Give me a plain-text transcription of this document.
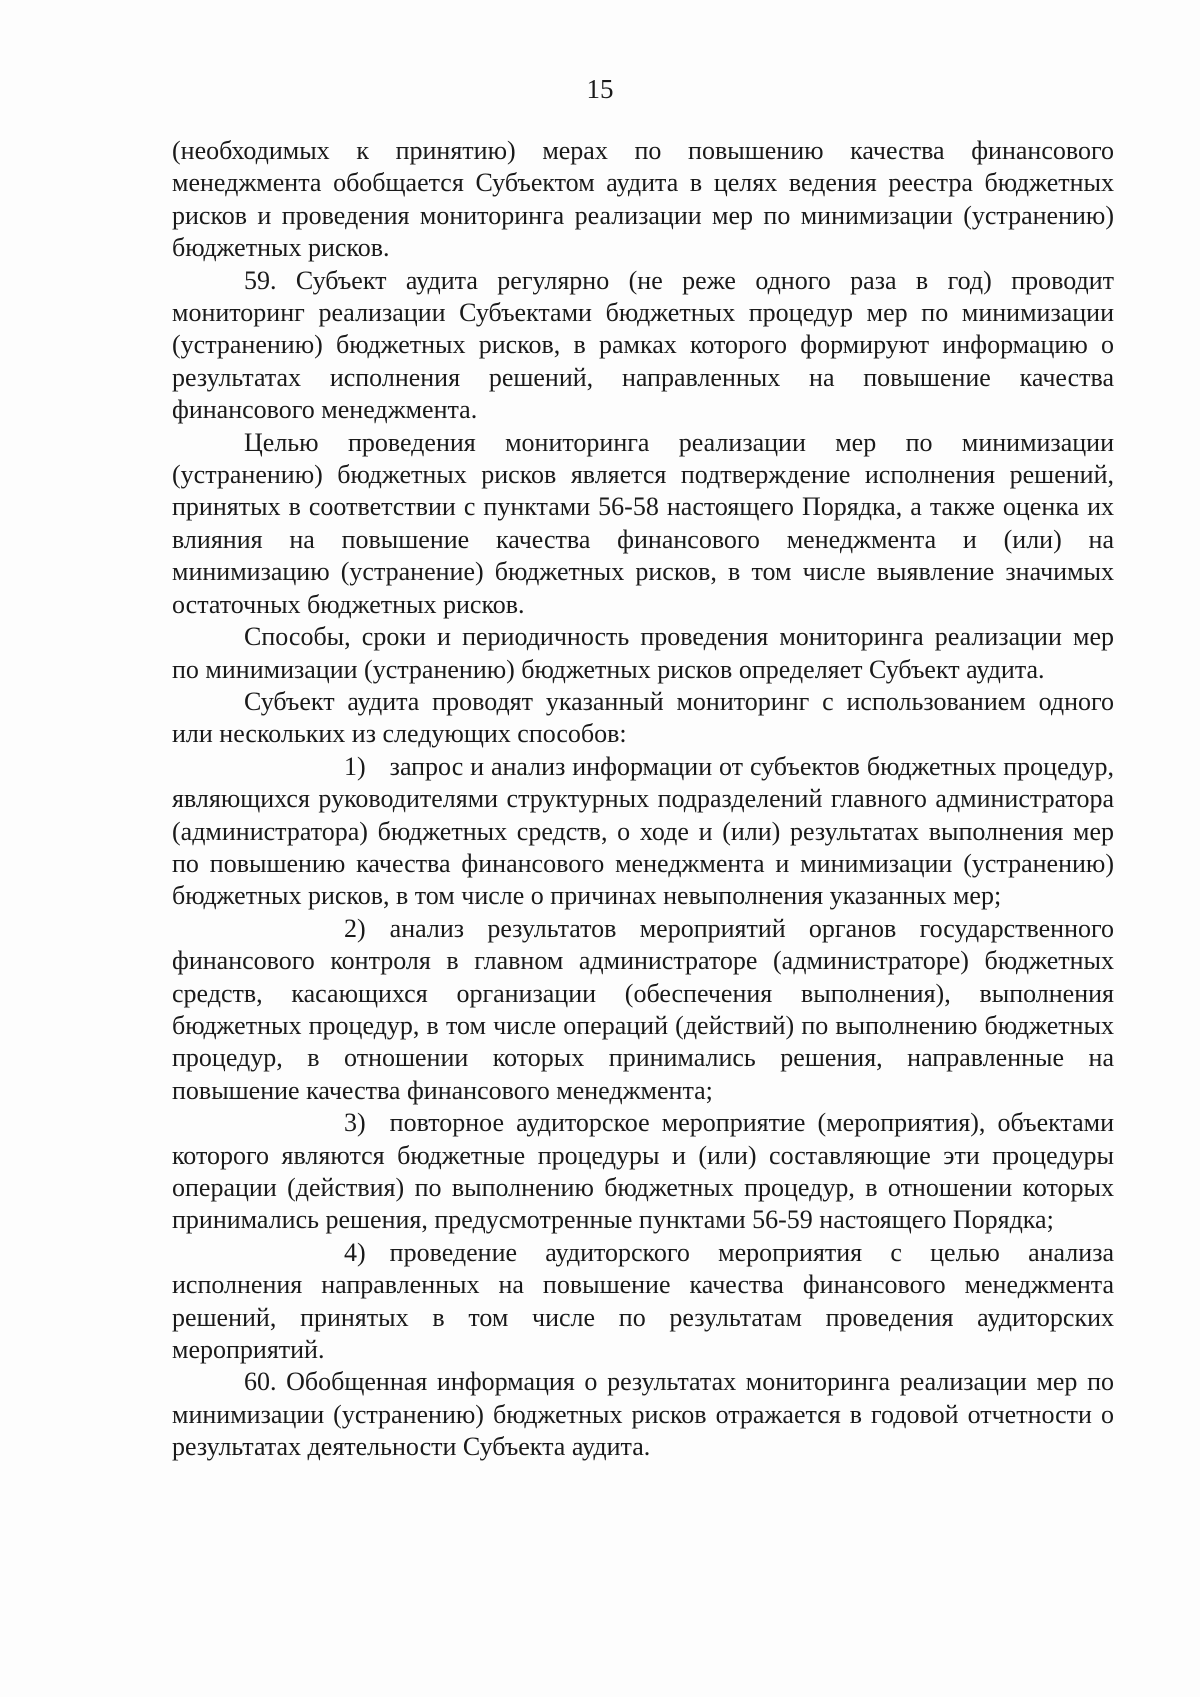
15

(необходимых к принятию) мерах по повышению качества финансового менеджмента обобщается Субъектом аудита в целях ведения реестра бюджетных рисков и проведения мониторинга реализации мер по минимизации (устранению) бюджетных рисков.

59. Субъект аудита регулярно (не реже одного раза в год) проводит мониторинг реализации Субъектами бюджетных процедур мер по минимизации (устранению) бюджетных рисков, в рамках которого формируют информацию о результатах исполнения решений, направленных на повышение качества финансового менеджмента.

Целью проведения мониторинга реализации мер по минимизации (устранению) бюджетных рисков является подтверждение исполнения решений, принятых в соответствии с пунктами 56-58 настоящего Порядка, а также оценка их влияния на повышение качества финансового менеджмента и (или) на минимизацию (устранение) бюджетных рисков, в том числе выявление значимых остаточных бюджетных рисков.

Способы, сроки и периодичность проведения мониторинга реализации мер по минимизации (устранению) бюджетных рисков определяет Субъект аудита.

Субъект аудита проводят указанный мониторинг с использованием одного или нескольких из следующих способов:

1) запрос и анализ информации от субъектов бюджетных процедур, являющихся руководителями структурных подразделений главного администратора (администратора) бюджетных средств, о ходе и (или) результатах выполнения мер по повышению качества финансового менеджмента и минимизации (устранению) бюджетных рисков, в том числе о причинах невыполнения указанных мер;

2) анализ результатов мероприятий органов государственного финансового контроля в главном администраторе (администраторе) бюджетных средств, касающихся организации (обеспечения выполнения), выполнения бюджетных процедур, в том числе операций (действий) по выполнению бюджетных процедур, в отношении которых принимались решения, направленные на повышение качества финансового менеджмента;

3) повторное аудиторское мероприятие (мероприятия), объектами которого являются бюджетные процедуры и (или) составляющие эти процедуры операции (действия) по выполнению бюджетных процедур, в отношении которых принимались решения, предусмотренные пунктами 56-59 настоящего Порядка;

4) проведение аудиторского мероприятия с целью анализа исполнения направленных на повышение качества финансового менеджмента решений, принятых в том числе по результатам проведения аудиторских мероприятий.

60. Обобщенная информация о результатах мониторинга реализации мер по минимизации (устранению) бюджетных рисков отражается в годовой отчетности о результатах деятельности Субъекта аудита.
